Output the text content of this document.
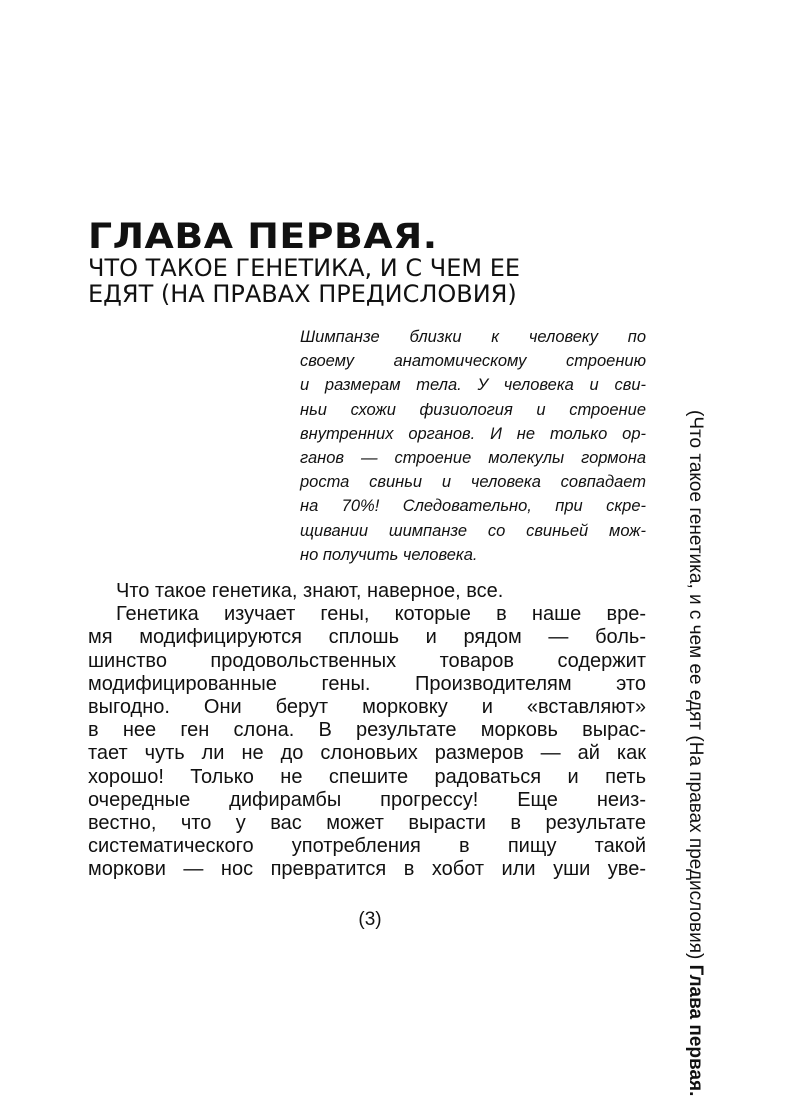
ГЛАВА ПЕРВАЯ.
ЧТО ТАКОЕ ГЕНЕТИКА, И С ЧЕМ ЕЕ
ЕДЯТ (НА ПРАВАХ ПРЕДИСЛОВИЯ)
Шимпанзе близки к человеку по
своему анатомическому строению
и размерам тела. У человека и сви-
ньи схожи физиология и строение
внутренних органов. И не только ор-
ганов — строение молекулы гормона
роста свиньи и человека совпадает
на 70%! Следовательно, при скре-
щивании шимпанзе со свиньей мож-
но получить человека.
Что такое генетика, знают, наверное, все.
Генетика изучает гены, которые в наше вре-
мя модифицируются сплошь и рядом — боль-
шинство продовольственных товаров содержит
модифицированные гены. Производителям это
выгодно. Они берут морковку и «вставляют»
в нее ген слона. В результате морковь вырас-
тает чуть ли не до слоновьих размеров — ай как
хорошо! Только не спешите радоваться и петь
очередные дифирамбы прогрессу! Еще неиз-
вестно, что у вас может вырасти в результате
систематического употребления в пищу такой
моркови — нос превратится в хобот или уши уве-
(3)	(Что такое генетика, и с чем ее едят (На правах предисловия) Глава первая.
